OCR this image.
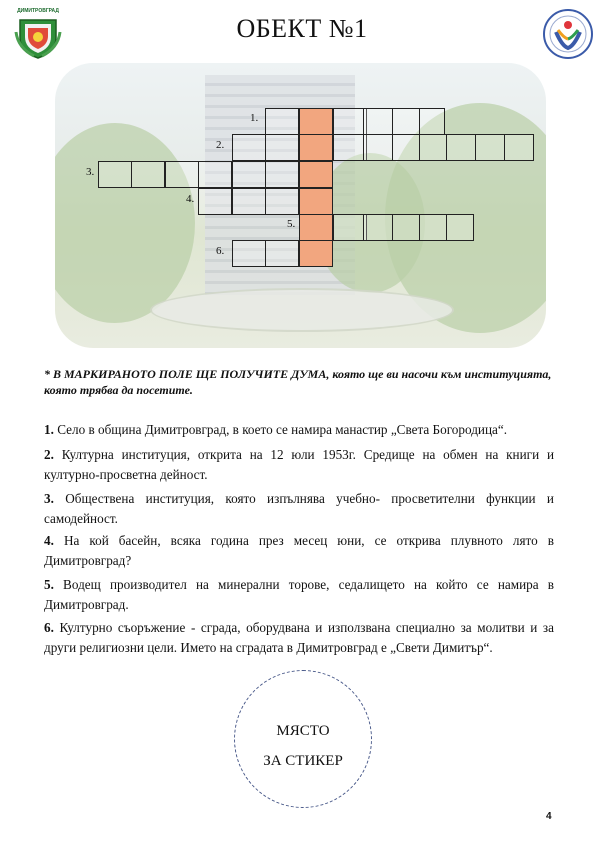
ДИМИТРОВГРАД
ОБЕКТ №1
1.
2.
3.
4.
5.
6.
* В МАРКИРАНОТО ПОЛЕ ЩЕ ПОЛУЧИТЕ ДУМА, която ще ви насочи към институцията, която трябва да посетите.
1. Село в община Димитровград, в което се намира манастир „Света Богородица“.
2. Културна институция, открита на 12 юли 1953г. Средище на обмен на книги и културно-просветна дейност.
3. Обществена институция, която изпълнява учебно- просветителни функции и самодейност.
4. На кой басейн, всяка година през месец юни, се открива плувното лято в Димитровград?
5. Водещ производител на минерални торове, седалището на който се намира в Димитровград.
6. Културно съоръжение - сграда, оборудвана и използвана специално за молитви и за други религиозни цели. Името на сградата в Димитровград е „Свети Димитър“.
МЯСТО
ЗА СТИКЕР
4
